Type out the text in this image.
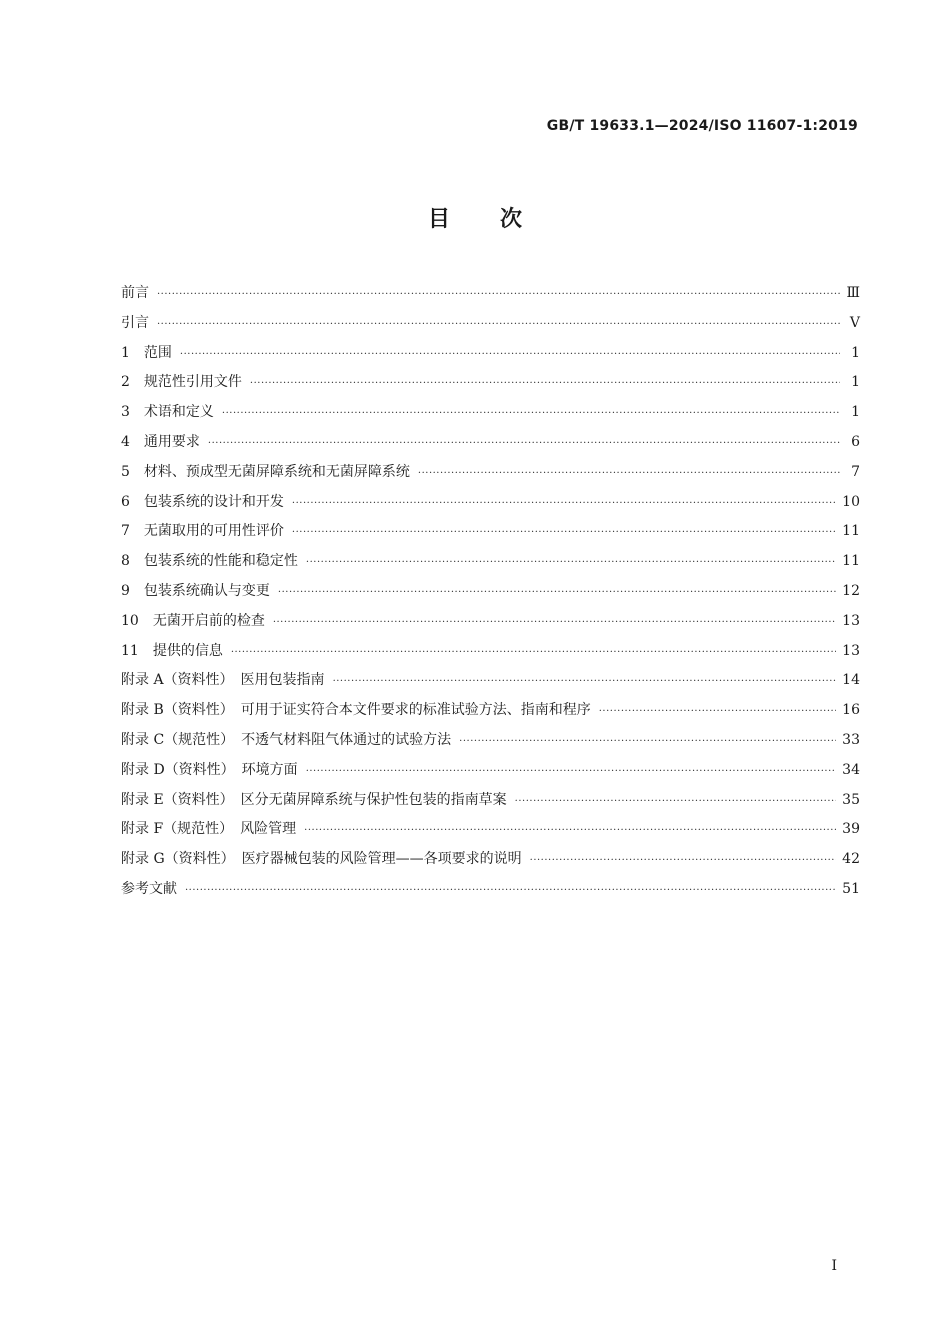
GB/T 19633.1—2024/ISO 11607-1:2019
目 次
前言 ·····	Ⅲ
引言 ·····	Ⅴ
1　范围 ·····	1
2　规范性引用文件 ·····	1
3　术语和定义 ·····	1
4　通用要求 ·····	6
5　材料、预成型无菌屏障系统和无菌屏障系统 ·····	7
6　包装系统的设计和开发 ·····	10
7　无菌取用的可用性评价 ·····	11
8　包装系统的性能和稳定性 ·····	11
9　包装系统确认与变更 ·····	12
10　无菌开启前的检查 ·····	13
11　提供的信息 ·····	13
附录 A（资料性）　医用包装指南 ·····	14
附录 B（资料性）　可用于证实符合本文件要求的标准试验方法、指南和程序 ·····	16
附录 C（规范性）　不透气材料阻气体通过的试验方法 ·····	33
附录 D（资料性）　环境方面 ·····	34
附录 E（资料性）　区分无菌屏障系统与保护性包装的指南草案 ·····	35
附录 F（规范性）　风险管理 ·····	39
附录 G（资料性）　医疗器械包装的风险管理——各项要求的说明 ·····	42
参考文献 ·····	51
I
